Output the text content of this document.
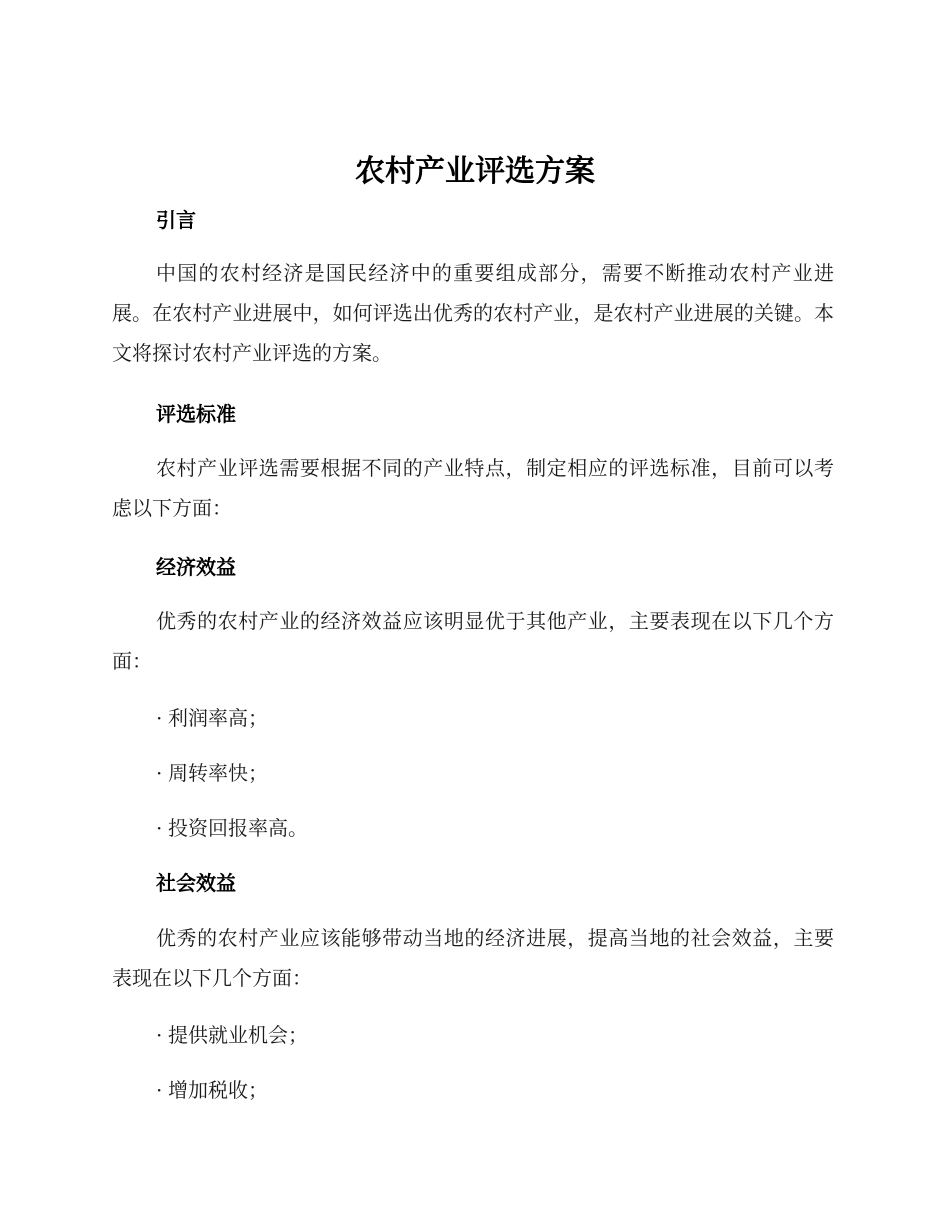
农村产业评选方案
引言

中国的农村经济是国民经济中的重要组成部分，需要不断推动农村产业进展。在农村产业进展中，如何评选出优秀的农村产业，是农村产业进展的关键。本文将探讨农村产业评选的方案。

评选标准

农村产业评选需要根据不同的产业特点，制定相应的评选标准，目前可以考虑以下方面：

经济效益

优秀的农村产业的经济效益应该明显优于其他产业，主要表现在以下几个方面：

· 利润率高；

· 周转率快；

· 投资回报率高。

社会效益

优秀的农村产业应该能够带动当地的经济进展，提高当地的社会效益，主要表现在以下几个方面：

· 提供就业机会；

· 增加税收；
